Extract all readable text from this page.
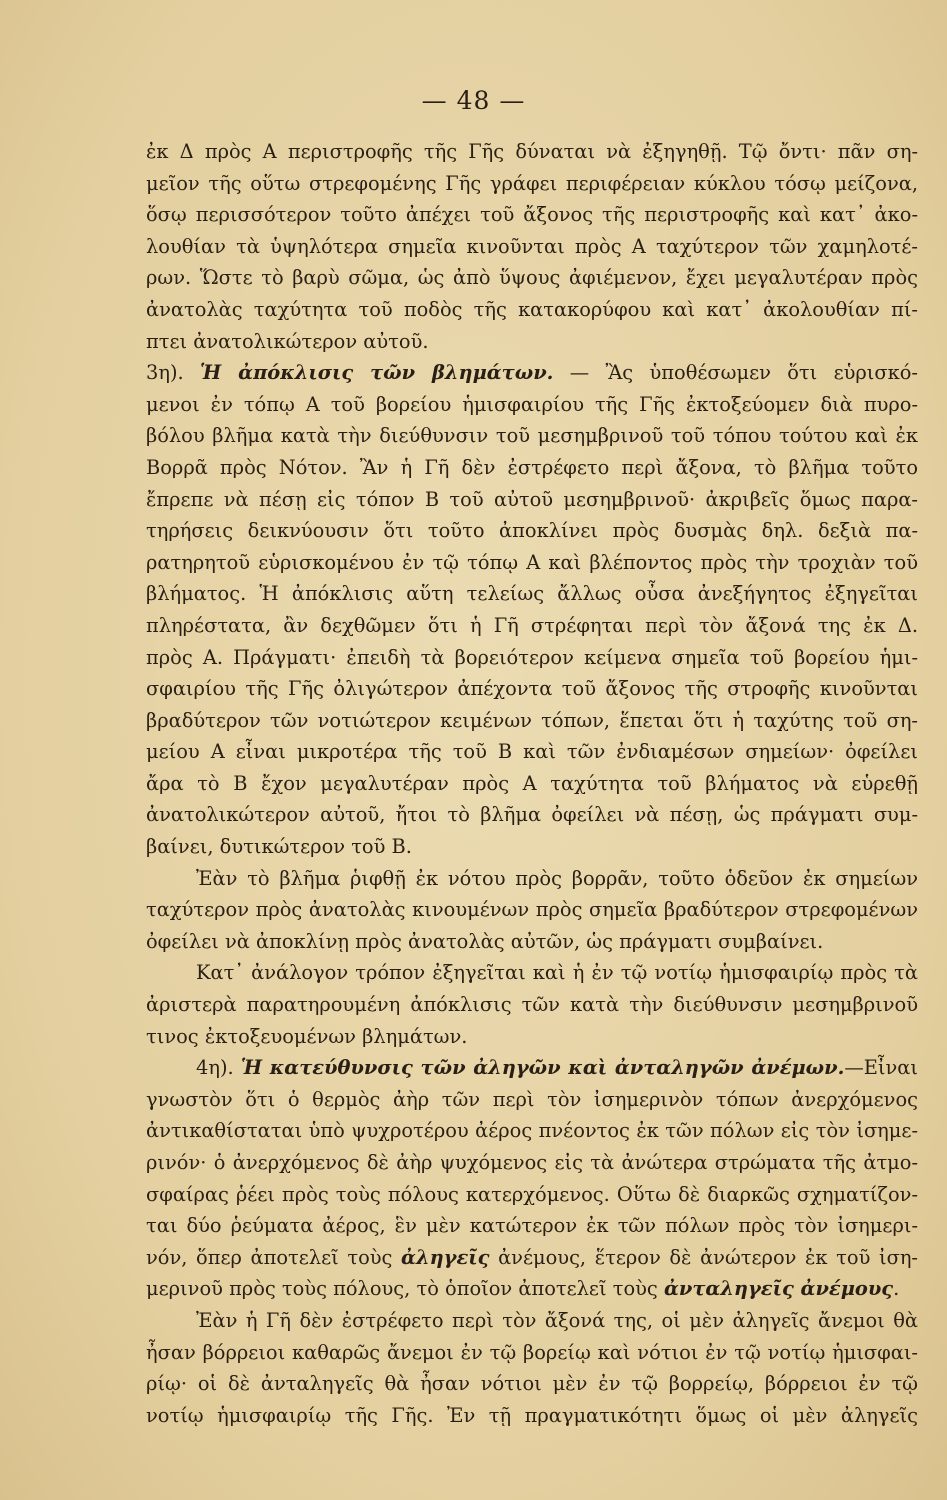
— 48 —
ἐκ Δ πρὸς Α περιστροφῆς τῆς Γῆς δύναται νὰ ἐξηγηθῇ. Τῷ ὄντι· πᾶν ση-
μεῖον τῆς οὕτω στρεφομένης Γῆς γράφει περιφέρειαν κύκλου τόσῳ μείζονα,
ὅσῳ περισσότερον τοῦτο ἀπέχει τοῦ ἄξονος τῆς περιστροφῆς καὶ κατ᾿ ἀκο-
λουθίαν τὰ ὑψηλότερα σημεῖα κινοῦνται πρὸς Α ταχύτερον τῶν χαμηλοτέ-
ρων. Ὥστε τὸ βαρὺ σῶμα, ὡς ἀπὸ ὕψους ἀφιέμενον, ἔχει μεγαλυτέραν πρὸς
ἀνατολὰς ταχύτητα τοῦ ποδὸς τῆς κατακορύφου καὶ κατ᾿ ἀκολουθίαν πί-
πτει ἀνατολικώτερον αὐτοῦ.
3η). Ἡ ἀπόκλισις τῶν βλημάτων. — Ἂς ὑποθέσωμεν ὅτι εὑρισκό-
μενοι ἐν τόπῳ Α τοῦ βορείου ἡμισφαιρίου τῆς Γῆς ἐκτοξεύομεν διὰ πυρο-
βόλου βλῆμα κατὰ τὴν διεύθυνσιν τοῦ μεσημβρινοῦ τοῦ τόπου τούτου καὶ ἐκ
Βορρᾶ πρὸς Νότον. Ἂν ἡ Γῆ δὲν ἐστρέφετο περὶ ἄξονα, τὸ βλῆμα τοῦτο
ἔπρεπε νὰ πέσῃ εἰς τόπον Β τοῦ αὐτοῦ μεσημβρινοῦ· ἀκριβεῖς ὅμως παρα-
τηρήσεις δεικνύουσιν ὅτι τοῦτο ἀποκλίνει πρὸς δυσμὰς δηλ. δεξιὰ πα-
ρατηρητοῦ εὑρισκομένου ἐν τῷ τόπῳ Α καὶ βλέποντος πρὸς τὴν τροχιὰν τοῦ
βλήματος. Ἡ ἀπόκλισις αὕτη τελείως ἄλλως οὖσα ἀνεξήγητος ἐξηγεῖται
πληρέστατα, ἂν δεχθῶμεν ὅτι ἡ Γῆ στρέφηται περὶ τὸν ἄξονά της ἐκ Δ.
πρὸς Α. Πράγματι· ἐπειδὴ τὰ βορειότερον κείμενα σημεῖα τοῦ βορείου ἡμι-
σφαιρίου τῆς Γῆς ὀλιγώτερον ἀπέχοντα τοῦ ἄξονος τῆς στροφῆς κινοῦνται
βραδύτερον τῶν νοτιώτερον κειμένων τόπων, ἕπεται ὅτι ἡ ταχύτης τοῦ ση-
μείου Α εἶναι μικροτέρα τῆς τοῦ Β καὶ τῶν ἐνδιαμέσων σημείων· ὀφείλει
ἄρα τὸ Β ἔχον μεγαλυτέραν πρὸς Α ταχύτητα τοῦ βλήματος νὰ εὑρεθῇ
ἀνατολικώτερον αὐτοῦ, ἤτοι τὸ βλῆμα ὀφείλει νὰ πέσῃ, ὡς πράγματι συμ-
βαίνει, δυτικώτερον τοῦ Β.
Ἐὰν τὸ βλῆμα ῥιφθῇ ἐκ νότου πρὸς βορρᾶν, τοῦτο ὁδεῦον ἐκ σημείων
ταχύτερον πρὸς ἀνατολὰς κινουμένων πρὸς σημεῖα βραδύτερον στρεφομένων
ὀφείλει νὰ ἀποκλίνῃ πρὸς ἀνατολὰς αὐτῶν, ὡς πράγματι συμβαίνει.
Κατ᾿ ἀνάλογον τρόπον ἐξηγεῖται καὶ ἡ ἐν τῷ νοτίῳ ἡμισφαιρίῳ πρὸς τὰ
ἀριστερὰ παρατηρουμένη ἀπόκλισις τῶν κατὰ τὴν διεύθυνσιν μεσημβρινοῦ
τινος ἐκτοξευομένων βλημάτων.
4η). Ἡ κατεύθυνσις τῶν ἀληγῶν καὶ ἀνταληγῶν ἀνέμων.—Εἶναι
γνωστὸν ὅτι ὁ θερμὸς ἀὴρ τῶν περὶ τὸν ἰσημερινὸν τόπων ἀνερχόμενος
ἀντικαθίσταται ὑπὸ ψυχροτέρου ἀέρος πνέοντος ἐκ τῶν πόλων εἰς τὸν ἰσημε-
ρινόν· ὁ ἀνερχόμενος δὲ ἀὴρ ψυχόμενος εἰς τὰ ἀνώτερα στρώματα τῆς ἀτμο-
σφαίρας ῥέει πρὸς τοὺς πόλους κατερχόμενος. Οὕτω δὲ διαρκῶς σχηματίζον-
ται δύο ῥεύματα ἀέρος, ἓν μὲν κατώτερον ἐκ τῶν πόλων πρὸς τὸν ἰσημερι-
νόν, ὅπερ ἀποτελεῖ τοὺς ἀληγεῖς ἀνέμους, ἕτερον δὲ ἀνώτερον ἐκ τοῦ ἰση-
μερινοῦ πρὸς τοὺς πόλους, τὸ ὁποῖον ἀποτελεῖ τοὺς ἀνταληγεῖς ἀνέμους.
Ἐὰν ἡ Γῆ δὲν ἐστρέφετο περὶ τὸν ἄξονά της, οἱ μὲν ἀληγεῖς ἄνεμοι θὰ
ἦσαν βόρρειοι καθαρῶς ἄνεμοι ἐν τῷ βορείῳ καὶ νότιοι ἐν τῷ νοτίῳ ἡμισφαι-
ρίῳ· οἱ δὲ ἀνταληγεῖς θὰ ἦσαν νότιοι μὲν ἐν τῷ βορρείῳ, βόρρειοι ἐν τῷ
νοτίῳ ἡμισφαιρίῳ τῆς Γῆς. Ἐν τῇ πραγματικότητι ὅμως οἱ μὲν ἀληγεῖς
